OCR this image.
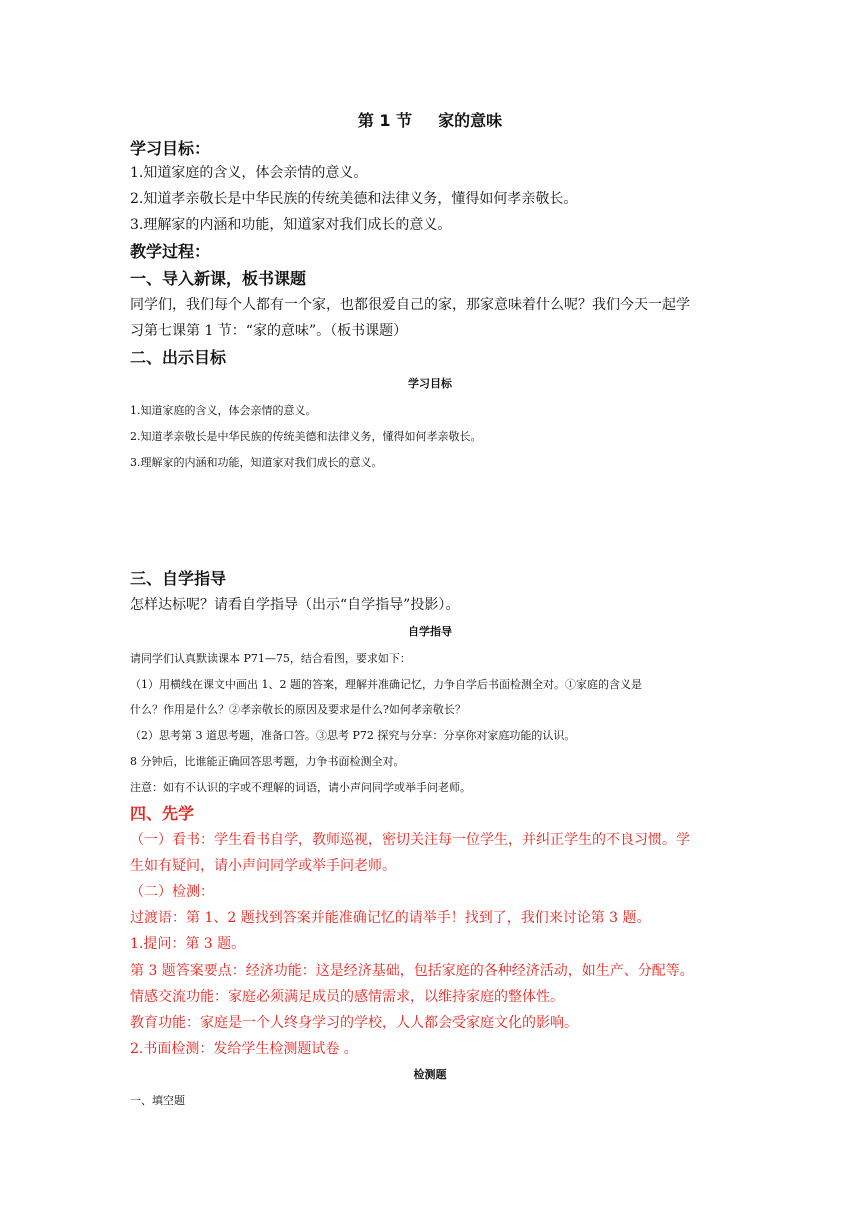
第 1 节 家的意味
学习目标：
1.知道家庭的含义，体会亲情的意义。
2.知道孝亲敬长是中华民族的传统美德和法律义务，懂得如何孝亲敬长。
3.理解家的内涵和功能，知道家对我们成长的意义。
教学过程：
一、导入新课，板书课题
同学们，我们每个人都有一个家，也都很爱自己的家，那家意味着什么呢？我们今天一起学
习第七课第 1 节：“家的意味”。（板书课题）
二、出示目标
学习目标
1.知道家庭的含义，体会亲情的意义。
2.知道孝亲敬长是中华民族的传统美德和法律义务，懂得如何孝亲敬长。
3.理解家的内涵和功能，知道家对我们成长的意义。
三、自学指导
怎样达标呢？请看自学指导（出示“自学指导”投影）。
自学指导
请同学们认真默读课本 P71—75，结合看图，要求如下：
（1）用横线在课文中画出 1、2 题的答案，理解并准确记忆，力争自学后书面检测全对。①家庭的含义是
什么？作用是什么？②孝亲敬长的原因及要求是什么?如何孝亲敬长？
（2）思考第 3 道思考题，准备口答。③思考 P72 探究与分享：分享你对家庭功能的认识。
8 分钟后，比谁能正确回答思考题，力争书面检测全对。
注意：如有不认识的字或不理解的词语，请小声问同学或举手问老师。
四、先学
（一）看书：学生看书自学，教师巡视，密切关注每一位学生，并纠正学生的不良习惯。学
生如有疑问，请小声问同学或举手问老师。
（二）检测：
过渡语：第 1、2 题找到答案并能准确记忆的请举手！找到了，我们来讨论第 3 题。
1.提问：第 3 题。
第 3 题答案要点：经济功能：这是经济基础，包括家庭的各种经济活动，如生产、分配等。
情感交流功能：家庭必须满足成员的感情需求，以维持家庭的整体性。
教育功能：家庭是一个人终身学习的学校，人人都会受家庭文化的影响。
2.书面检测：发给学生检测题试卷 。
检测题
一、填空题
